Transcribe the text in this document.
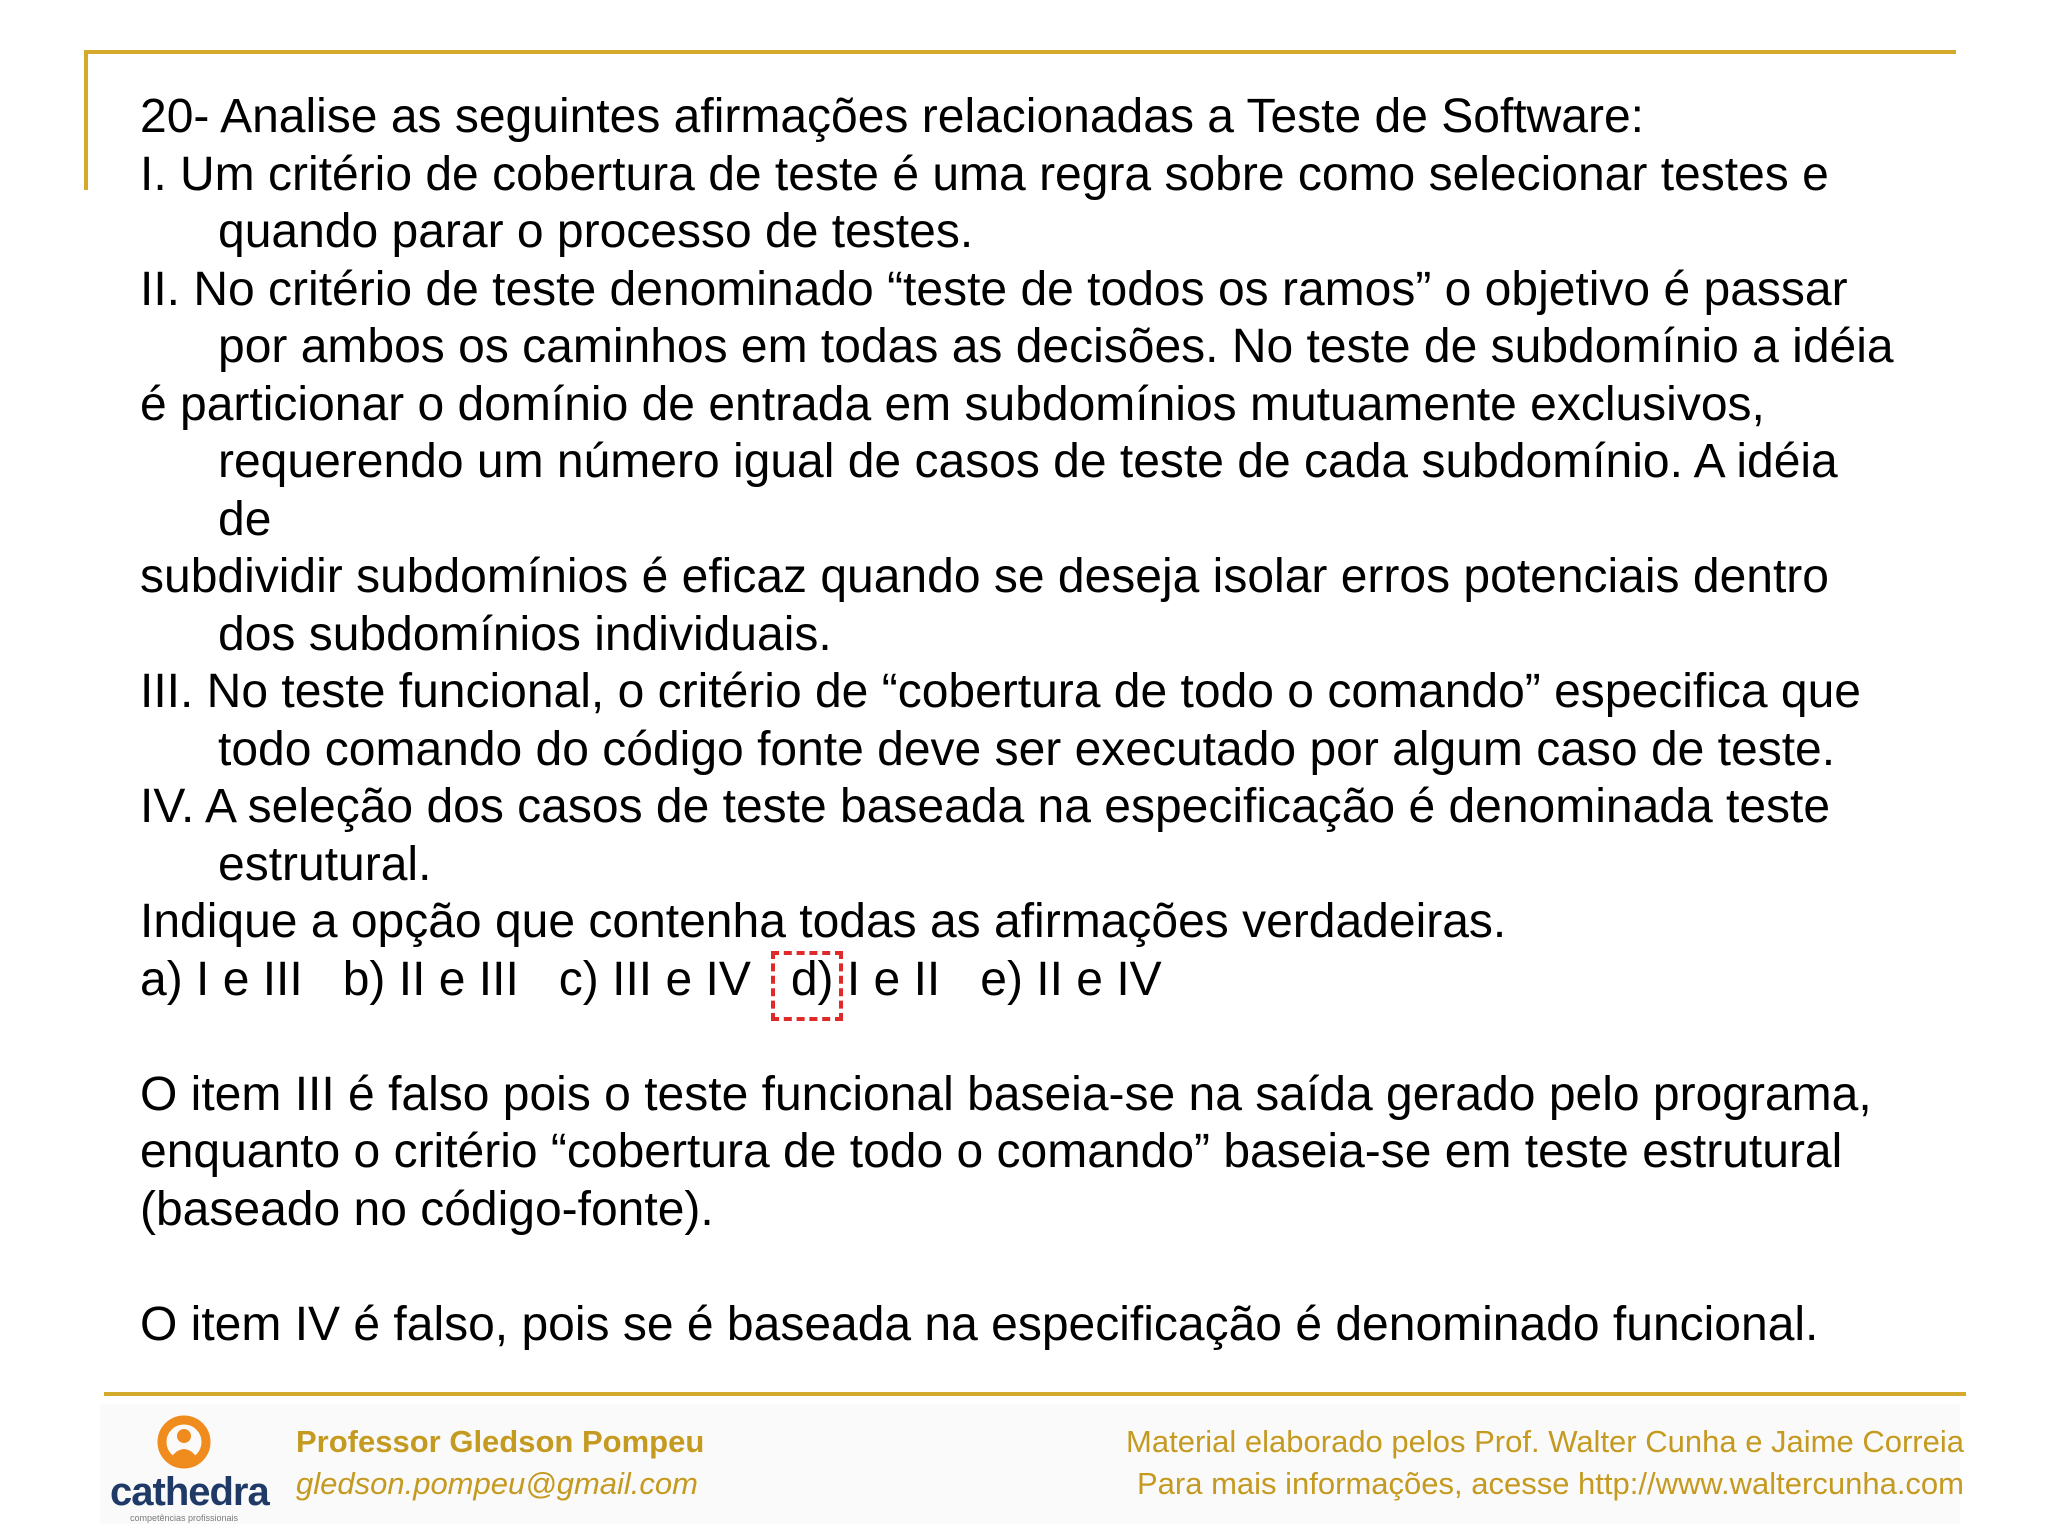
20- Analise as seguintes afirmações relacionadas a Teste de Software:
I. Um critério de cobertura de teste é uma regra sobre como selecionar testes e
quando parar o processo de testes.
II. No critério de teste denominado “teste de todos os ramos” o objetivo é passar
por ambos os caminhos em todas as decisões. No teste de subdomínio a idéia
é particionar o domínio de entrada em subdomínios mutuamente exclusivos,
requerendo um número igual de casos de teste de cada subdomínio. A idéia
de
subdividir subdomínios é eficaz quando se deseja isolar erros potenciais dentro
dos subdomínios individuais.
III. No teste funcional, o critério de “cobertura de todo o comando” especifica que
todo comando do código fonte deve ser executado por algum caso de teste.
IV. A seleção dos casos de teste baseada na especificação é denominada teste
estrutural.
Indique a opção que contenha todas as afirmações verdadeiras.
a) I e III   b) II e III   c) III e IV
d) I e II   e) II e IV
O item III é falso pois o teste funcional baseia-se na saída gerado pelo programa,
enquanto o critério “cobertura de todo o comando” baseia-se em teste estrutural
(baseado no código-fonte).
O item IV é falso, pois se é baseada na especificação é denominado funcional.
cathedra
competências profissionais
Professor Gledson Pompeu
gledson.pompeu@gmail.com
Material elaborado pelos Prof. Walter Cunha e Jaime Correia
Para mais informações, acesse http://www.waltercunha.com
